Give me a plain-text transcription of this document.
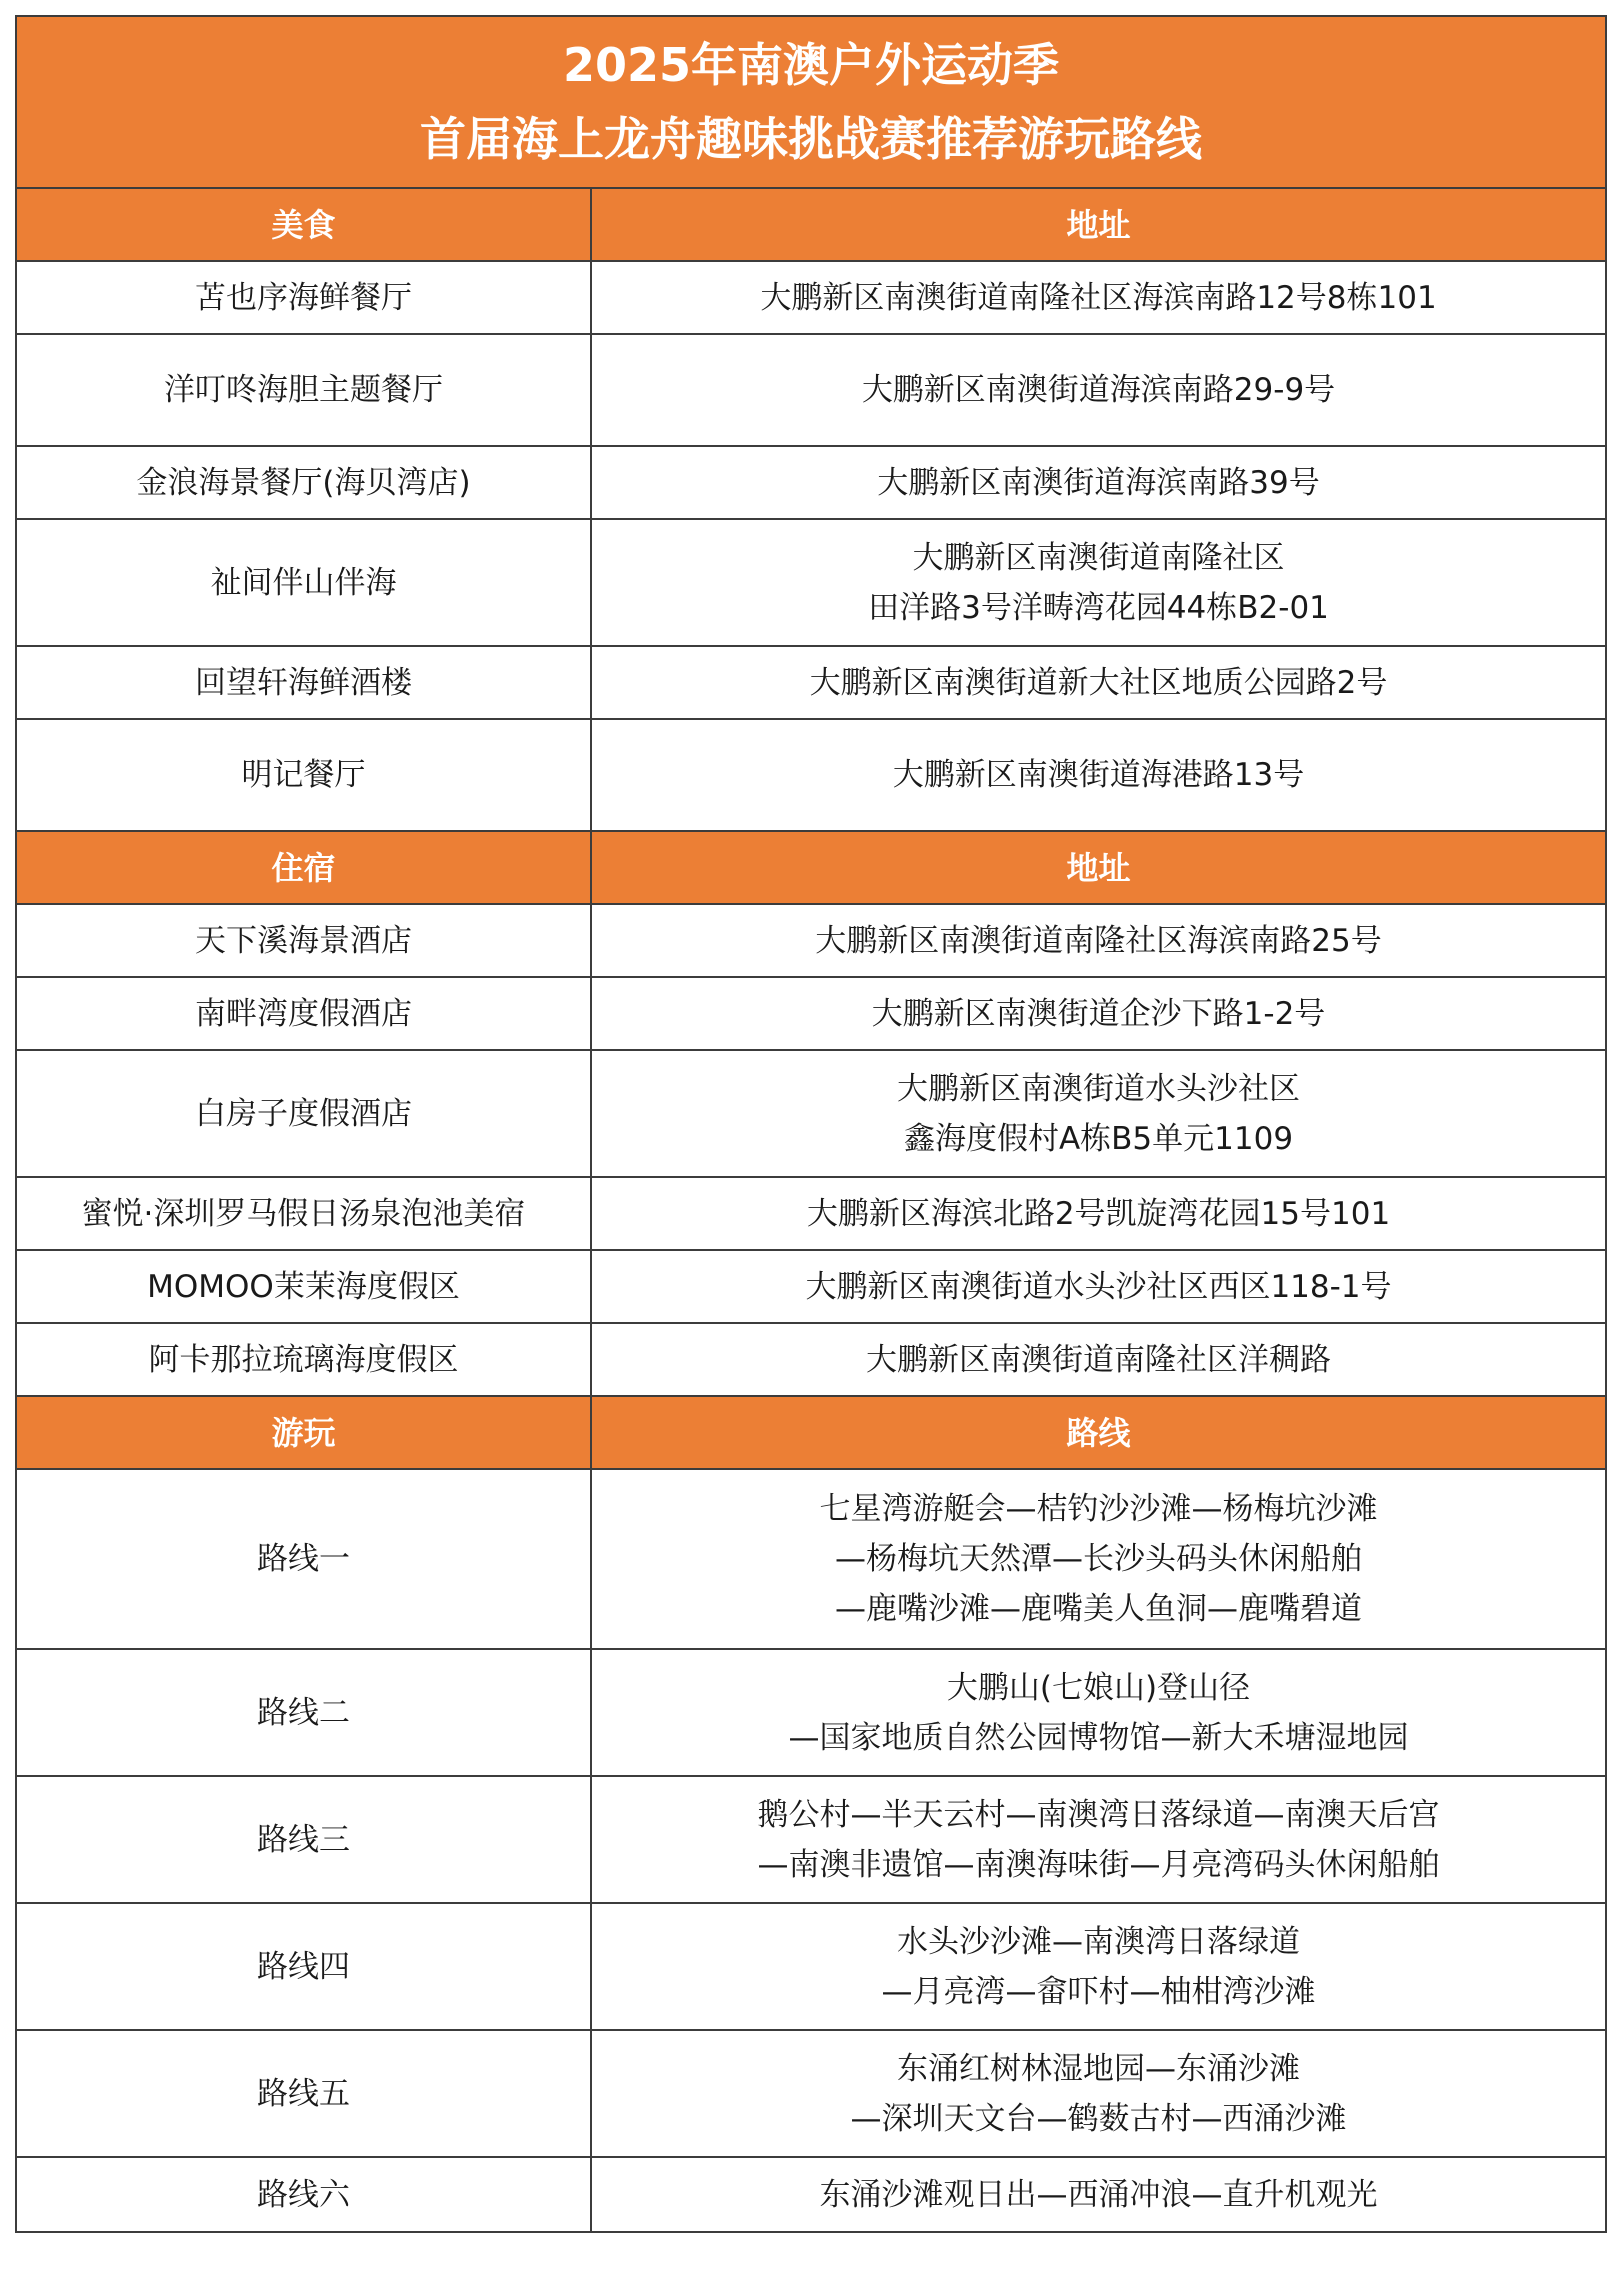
2025年南澳户外运动季
首届海上龙舟趣味挑战赛推荐游玩路线	

美食	地址
苫也序海鲜餐厅	大鹏新区南澳街道南隆社区海滨南路12号8栋101

洋叮咚海胆主题餐厅	大鹏新区南澳街道海滨南路29-9号

金浪海景餐厅(海贝湾店)	大鹏新区南澳街道海滨南路39号

祉间伴山伴海	大鹏新区南澳街道南隆社区
田洋路3号洋畴湾花园44栋B2-01

回望轩海鲜酒楼	大鹏新区南澳街道新大社区地质公园路2号

明记餐厅	大鹏新区南澳街道海港路13号

住宿	地址
天下溪海景酒店	大鹏新区南澳街道南隆社区海滨南路25号

南畔湾度假酒店	大鹏新区南澳街道企沙下路1-2号

白房子度假酒店	大鹏新区南澳街道水头沙社区
鑫海度假村A栋B5单元1109

蜜悦·深圳罗马假日汤泉泡池美宿	大鹏新区海滨北路2号凯旋湾花园15号101

MOMOO茉茉海度假区	大鹏新区南澳街道水头沙社区西区118-1号

阿卡那拉琉璃海度假区	大鹏新区南澳街道南隆社区洋稠路

游玩	路线
路线一	七星湾游艇会—桔钓沙沙滩—杨梅坑沙滩
—杨梅坑天然潭—长沙头码头休闲船舶
—鹿嘴沙滩—鹿嘴美人鱼洞—鹿嘴碧道

路线二	大鹏山(七娘山)登山径
—国家地质自然公园博物馆—新大禾塘湿地园

路线三	鹅公村—半天云村—南澳湾日落绿道—南澳天后宫
—南澳非遗馆—南澳海味街—月亮湾码头休闲船舶

路线四	水头沙沙滩—南澳湾日落绿道
—月亮湾—畲吓村—柚柑湾沙滩

路线五	东涌红树林湿地园—东涌沙滩
—深圳天文台—鹤薮古村—西涌沙滩

路线六	东涌沙滩观日出—西涌冲浪—直升机观光
